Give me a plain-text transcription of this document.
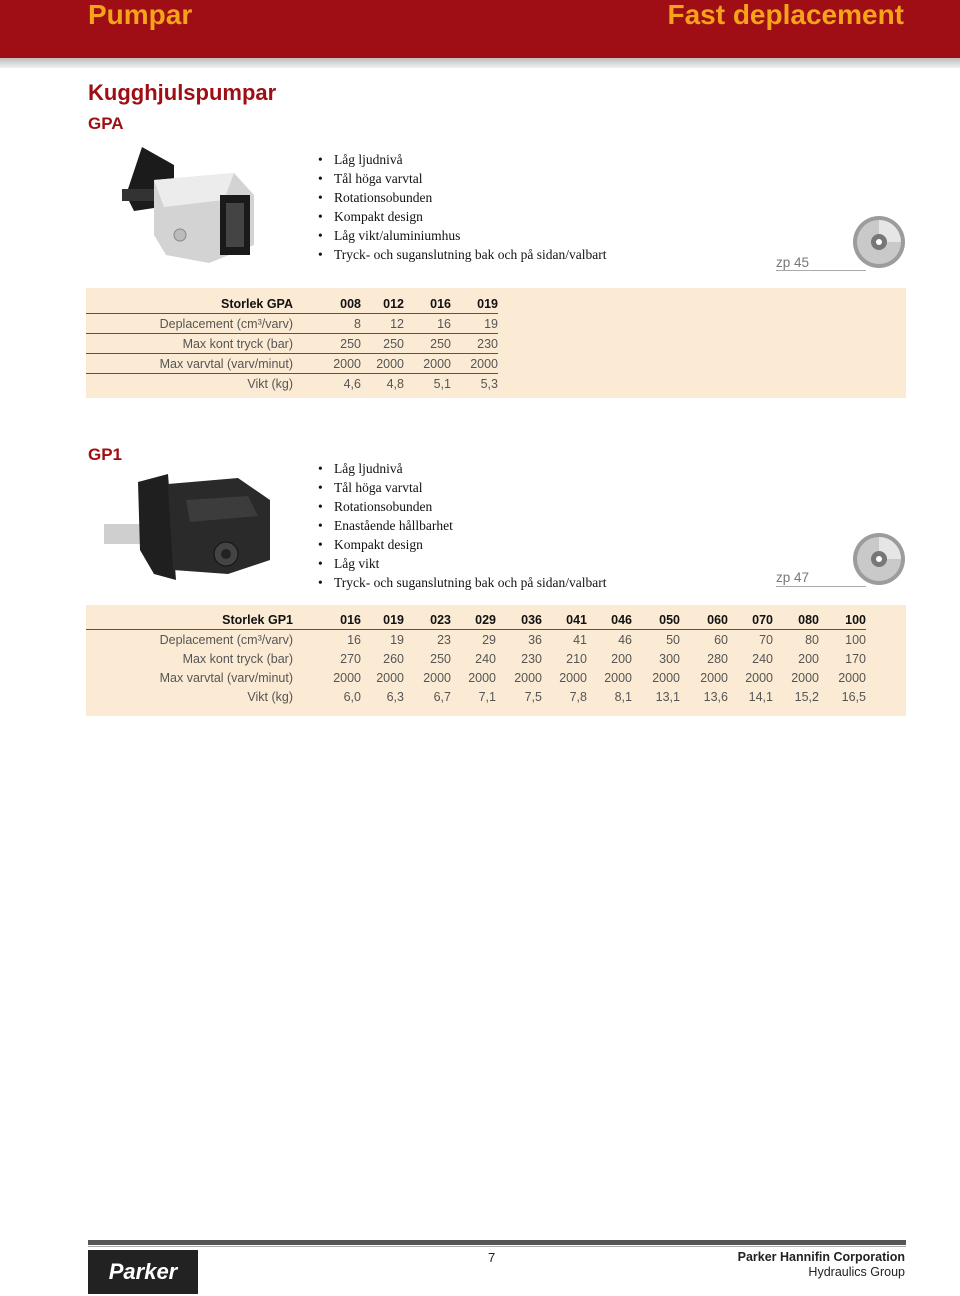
Pumpar	Fast deplacement
Kugghjulspumpar
GPA
• Låg ljudnivå
• Tål höga varvtal
• Rotationsobunden
• Kompakt design
• Låg vikt/aluminiumhus
• Tryck- och suganslutning bak och på sidan/valbart
zp 45
Storlek GPA	008	012	016	019
Deplacement (cm³/varv)	8	12	16	19
Max kont tryck (bar)	250	250	250	230
Max varvtal (varv/minut)	2000	2000	2000	2000
Vikt (kg)	4,6	4,8	5,1	5,3
GP1
• Låg ljudnivå
• Tål höga varvtal
• Rotationsobunden
• Enastående hållbarhet
• Kompakt design
• Låg vikt
• Tryck- och suganslutning bak och på sidan/valbart	zp 47
Storlek GP1	016	019	023	029	036	041	046	050	060	070	080	100
Deplacement (cm³/varv)	16	19	23	29	36	41	46	50	60	70	80	100
Max kont tryck (bar)	270	260	250	240	230	210	200	300	280	240	200	170
Max varvtal (varv/minut)	2000	2000	2000	2000	2000	2000	2000	2000	2000	2000	2000	2000
Vikt (kg)	6,0	6,3	6,7	7,1	7,5	7,8	8,1	13,1	13,6	14,1	15,2	16,5
Parker
7	Parker Hannifin Corporation
Hydraulics Group
